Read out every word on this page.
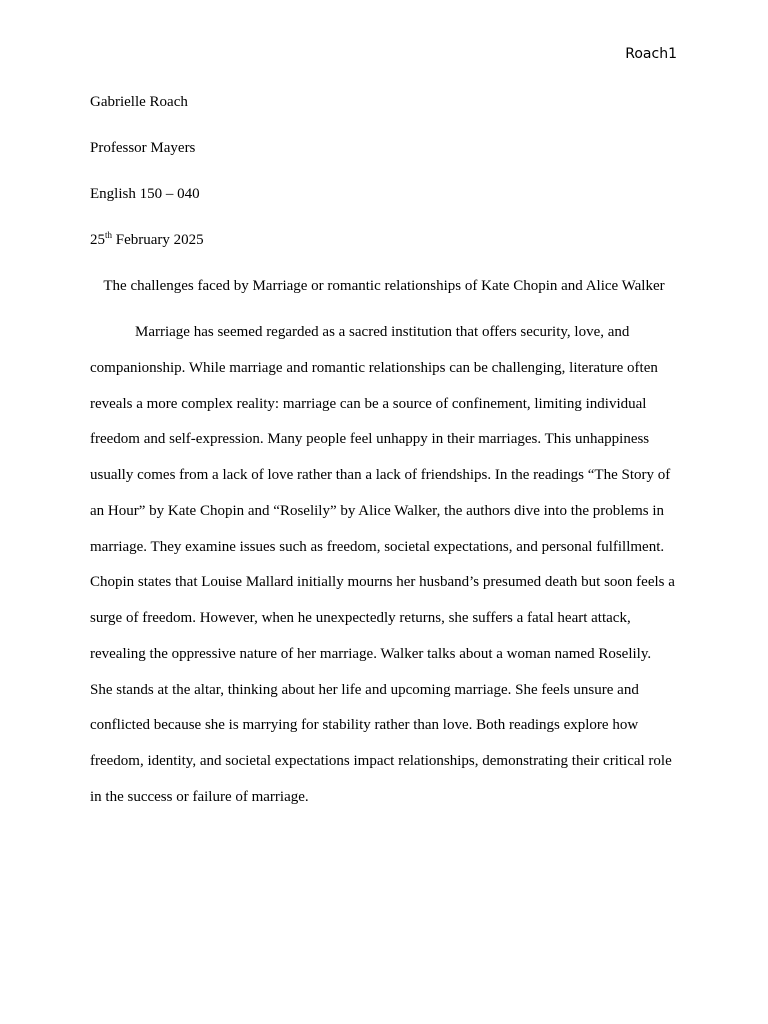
Roach1
Gabrielle Roach
Professor Mayers
English 150 – 040
25th February 2025
The challenges faced by Marriage or romantic relationships of Kate Chopin and Alice Walker
Marriage has seemed regarded as a sacred institution that offers security, love, and
companionship. While marriage and romantic relationships can be challenging, literature often
reveals a more complex reality: marriage can be a source of confinement, limiting individual
freedom and self-expression. Many people feel unhappy in their marriages. This unhappiness
usually comes from a lack of love rather than a lack of friendships. In the readings “The Story of
an Hour” by Kate Chopin and “Roselily” by Alice Walker, the authors dive into the problems in
marriage. They examine issues such as freedom, societal expectations, and personal fulfillment.
Chopin states that Louise Mallard initially mourns her husband’s presumed death but soon feels a
surge of freedom. However, when he unexpectedly returns, she suffers a fatal heart attack,
revealing the oppressive nature of her marriage. Walker talks about a woman named Roselily.
She stands at the altar, thinking about her life and upcoming marriage. She feels unsure and
conflicted because she is marrying for stability rather than love. Both readings explore how
freedom, identity, and societal expectations impact relationships, demonstrating their critical role
in the success or failure of marriage.
